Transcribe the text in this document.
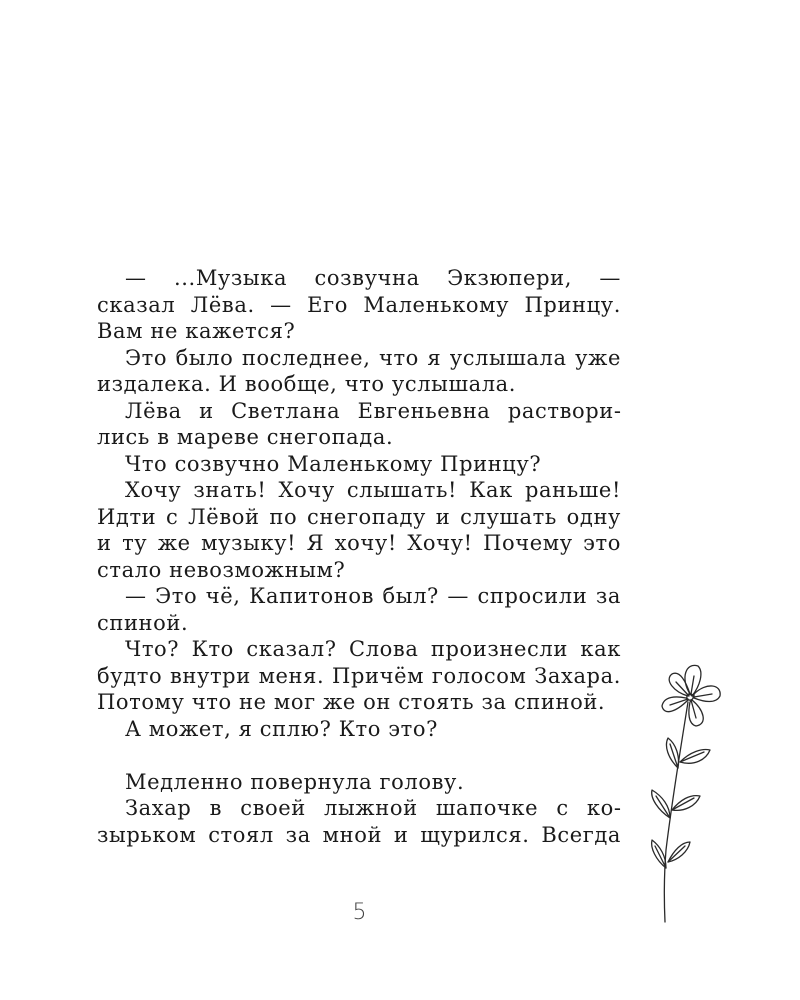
— ...Музыка созвучна Экзюпери, — сказал Лёва. — Его Маленькому Принцу. Вам не кажется?

Это было последнее, что я услышала уже издалека. И вообще, что услышала.

Лёва и Светлана Евгеньевна растворились в мареве снегопада.

Что созвучно Маленькому Принцу?

Хочу знать! Хочу слышать! Как раньше! Идти с Лёвой по снегопаду и слушать одну и ту же музыку! Я хочу! Хочу! Почему это стало невозможным?

— Это чё, Капитонов был? — спросили за спиной.

Что? Кто сказал? Слова произнесли как будто внутри меня. Причём голосом Захара. Потому что не мог же он стоять за спиной.

А может, я сплю? Кто это?

Медленно повернула голову.

Захар в своей лыжной шапочке с козырьком стоял за мной и щурился. Всегда

5
